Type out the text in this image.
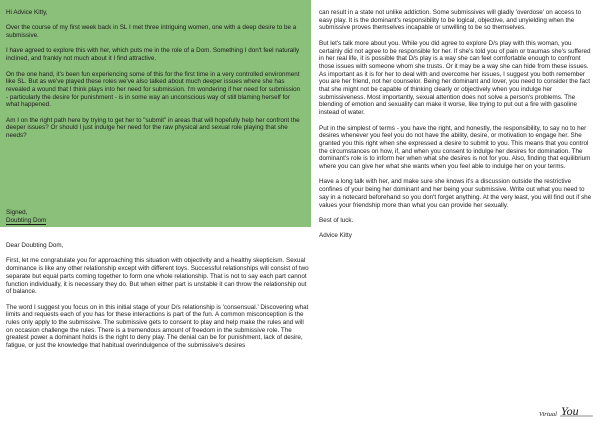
Hi Advice Kitty,

Over the course of my first week back in SL I met three intriguing women, one with a deep desire to be a submissive.

I have agreed to explore this with her, which puts me in the role of a Dom. Something I don't feel naturally inclined, and frankly not much about it I find attractive.

On the one hand, it's been fun experiencing some of this for the first time in a very controlled environment like SL. But as we've played these roles we've also talked about much deeper issues where she has revealed a wound that I think plays into her need for submission. I'm wondering if her need for submission - particularly the desire for punishment - is in some way an unconscious way of still blaming herself for what happened.

Am I on the right path here by trying to get her to "submit" in areas that will hopefully help her confront the deeper issues? Or should I just indulge her need for the raw physical and sexual role playing that she needs?

Signed,
Doubting Dom

Dear Doubting Dom,

First, let me congratulate you for approaching this situation with objectivity and a healthy skepticism. Sexual dominance is like any other relationship except with different toys. Successful relationships will consist of two separate but equal parts coming together to form one whole relationship. That is not to say each part cannot function individually, it is necessary they do. But when either part is unstable it can throw the relationship out of balance.

The word I suggest you focus on in this initial stage of your D/s relationship is 'consensual.' Discovering what limits and requests each of you has for these interactions is part of the fun. A common misconception is the rules only apply to the submissive. The submissive gets to consent to play and help make the rules and will on occasion challenge the rules. There is a tremendous amount of freedom in the submissive role. The greatest power a dominant holds is the right to deny play. The denial can be for punishment, lack of desire, fatigue, or just the knowledge that habitual overindulgence of the submissive's desires

can result in a state not unlike addiction. Some submissives will gladly 'overdose' on access to easy play. It is the dominant's responsibility to be logical, objective, and unyielding when the submissive proves themselves incapable or unwilling to be so themselves.

But let's talk more about you. While you did agree to explore D/s play with this woman, you certainly did not agree to be responsible for her. If she's told you of pain or traumas she's suffered in her real life, it is possible that D/s play is a way she can feel comfortable enough to confront those issues with someone whom she trusts. Or it may be a way she can hide from these issues. As important as it is for her to deal with and overcome her issues, I suggest you both remember you are her friend, not her counselor. Being her dominant and lover, you need to consider the fact that she might not be capable of thinking clearly or objectively when you indulge her submissiveness. Most importantly, sexual attention does not solve a person's problems. The blending of emotion and sexuality can make it worse, like trying to put out a fire with gasoline instead of water.

Put in the simplest of terms - you have the right, and honestly, the responsibility, to say no to her desires whenever you feel you do not have the ability, desire, or motivation to engage her. She granted you this right when she expressed a desire to submit to you. This means that you control the circumstances on how, if, and when you consent to indulge her desires for domination. The dominant's role is to inform her when what she desires is not for you. Also, finding that equilibrium where you can give her what she wants when you feel able to indulge her on your terms.

Have a long talk with her, and make sure she knows it's a discussion outside the restrictive confines of your being her dominant and her being your submissive. Write out what you need to say in a notecard beforehand so you don't forget anything. At the very least, you will find out if she values your friendship more than what you can provide her sexually.

Best of luck.

Advice Kitty

Virtual You
